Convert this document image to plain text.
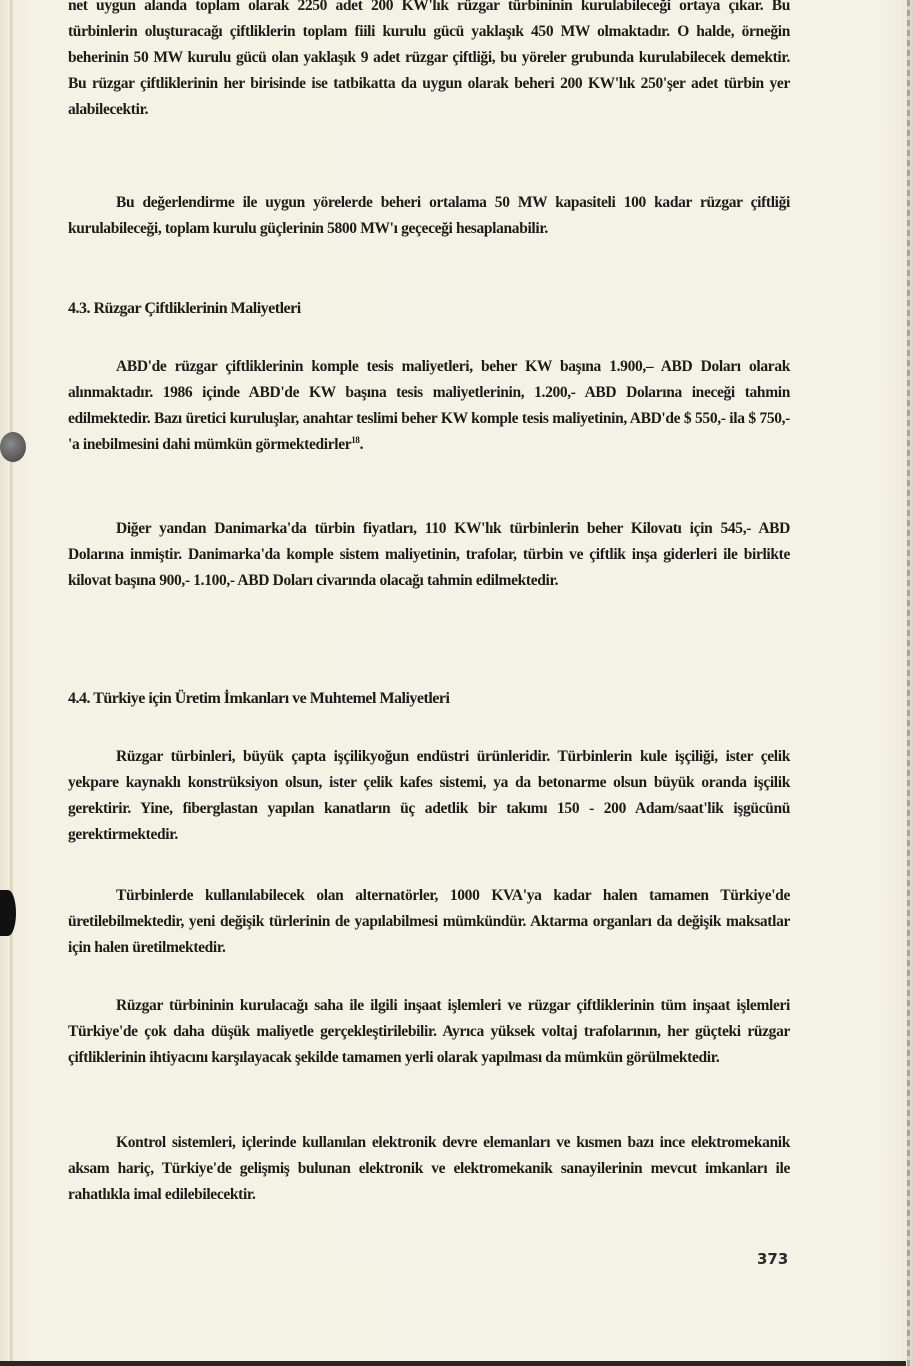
net uygun alanda toplam olarak 2250 adet 200 KW'lık rüzgar türbininin kurulabileceği ortaya çıkar. Bu türbinlerin oluşturacağı çiftliklerin toplam fiili kurulu gücü yaklaşık 450 MW olmaktadır. O halde, örneğin beherinin 50 MW kurulu gücü olan yaklaşık 9 adet rüzgar çiftliği, bu yöreler grubunda kurulabilecek demektir. Bu rüzgar çiftliklerinin her birisinde ise tatbikatta da uygun olarak beheri 200 KW'lık 250'şer adet türbin yer alabilecektir.

Bu değerlendirme ile uygun yörelerde beheri ortalama 50 MW kapasiteli 100 kadar rüzgar çiftliği kurulabileceği, toplam kurulu güçlerinin 5800 MW'ı geçeceği hesaplanabilir.

4.3. Rüzgar Çiftliklerinin Maliyetleri

ABD'de rüzgar çiftliklerinin komple tesis maliyetleri, beher KW başına 1.900,– ABD Doları olarak alınmaktadır. 1986 içinde ABD'de KW başına tesis maliyetlerinin, 1.200,- ABD Dolarına ineceği tahmin edilmektedir. Bazı üretici kuruluşlar, anahtar teslimi beher KW komple tesis maliyetinin, ABD'de $ 550,- ila $ 750,-'a inebilmesini dahi mümkün görmektedirler$^{18}$.

Diğer yandan Danimarka'da türbin fiyatları, 110 KW'lık türbinlerin beher Kilovatı için 545,- ABD Dolarına inmiştir. Danimarka'da komple sistem maliyetinin, trafolar, türbin ve çiftlik inşa giderleri ile birlikte kilovat başına 900,- 1.100,- ABD Doları civarında olacağı tahmin edilmektedir.

4.4. Türkiye için Üretim İmkanları ve Muhtemel Maliyetleri

Rüzgar türbinleri, büyük çapta işçilikyoğun endüstri ürünleridir. Türbinlerin kule işçiliği, ister çelik yekpare kaynaklı konstrüksiyon olsun, ister çelik kafes sistemi, ya da betonarme olsun büyük oranda işçilik gerektirir. Yine, fiberglastan yapılan kanatların üç adetlik bir takımı 150 - 200 Adam/saat'lik işgücünü gerektirmektedir.

Türbinlerde kullanılabilecek olan alternatörler, 1000 KVA'ya kadar halen tamamen Türkiye'de üretilebilmektedir, yeni değişik türlerinin de yapılabilmesi mümkündür. Aktarma organları da değişik maksatlar için halen üretilmektedir.

Rüzgar türbininin kurulacağı saha ile ilgili inşaat işlemleri ve rüzgar çiftliklerinin tüm inşaat işlemleri Türkiye'de çok daha düşük maliyetle gerçekleştirilebilir. Ayrıca yüksek voltaj trafolarının, her güçteki rüzgar çiftliklerinin ihtiyacını karşılayacak şekilde tamamen yerli olarak yapılması da mümkün görülmektedir.

Kontrol sistemleri, içlerinde kullanılan elektronik devre elemanları ve kısmen bazı ince elektromekanik aksam hariç, Türkiye'de gelişmiş bulunan elektronik ve elektromekanik sanayilerinin mevcut imkanları ile rahatlıkla imal edilebilecektir.

373
